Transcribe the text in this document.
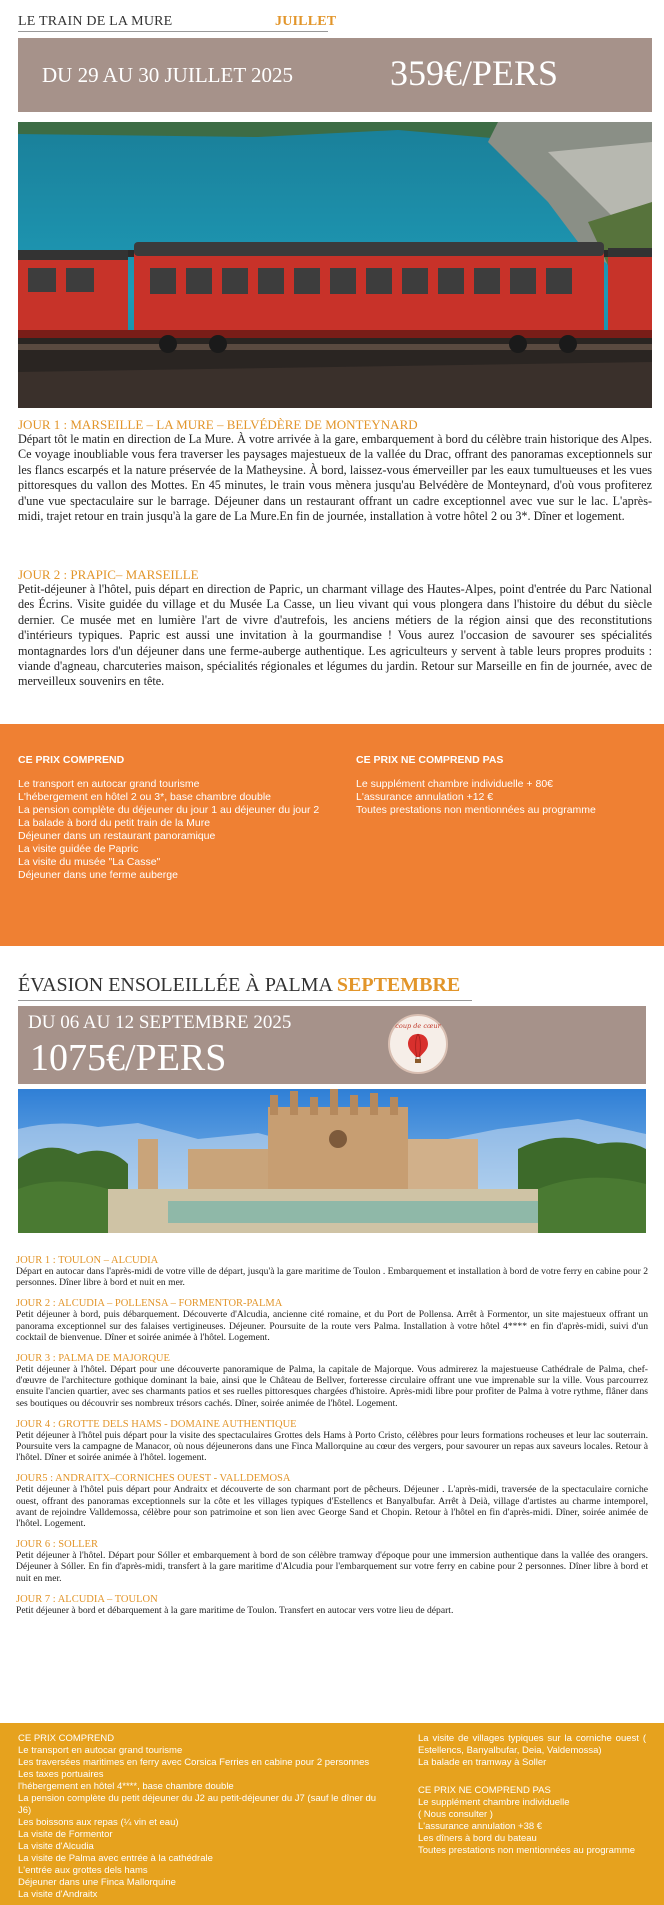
LE TRAIN DE LA MURE	JUILLET
DU 29 AU 30 JUILLET 2025	359€/PERS
JOUR 1 : MARSEILLE – LA MURE – BELVÉDÈRE DE MONTEYNARD
Départ tôt le matin en direction de La Mure. À votre arrivée à la gare, embarquement à bord du célèbre train historique des Alpes. Ce voyage inoubliable vous fera traverser les paysages majestueux de la vallée du Drac, offrant des panoramas exceptionnels sur les flancs escarpés et la nature préservée de la Matheysine. À bord, laissez-vous émerveiller par les eaux tumultueuses et les vues pittoresques du vallon des Mottes. En 45 minutes, le train vous mènera jusqu'au Belvédère de Monteynard, d'où vous profiterez d'une vue spectaculaire sur le barrage. Déjeuner dans un restaurant offrant un cadre exceptionnel avec vue sur le lac. L'après-midi, trajet retour en train jusqu'à la gare de La Mure.En fin de journée, installation à votre hôtel 2 ou 3*. Dîner et logement.
JOUR 2 : PRAPIC– MARSEILLE
Petit-déjeuner à l'hôtel, puis départ en direction de Papric, un charmant village des Hautes-Alpes, point d'entrée du Parc National des Écrins. Visite guidée du village et du Musée La Casse, un lieu vivant qui vous plongera dans l'histoire du début du siècle dernier. Ce musée met en lumière l'art de vivre d'autrefois, les anciens métiers de la région ainsi que des reconstitutions d'intérieurs typiques. Papric est aussi une invitation à la gourmandise ! Vous aurez l'occasion de savourer ses spécialités montagnardes lors d'un déjeuner dans une ferme-auberge authentique. Les agriculteurs y servent à table leurs propres produits : viande d'agneau, charcuteries maison, spécialités régionales et légumes du jardin. Retour sur Marseille en fin de journée, avec de merveilleux souvenirs en tête.
CE PRIX COMPREND
Le transport en autocar grand tourisme
L'hébergement en hôtel 2 ou 3*, base chambre double
La pension complète du déjeuner du jour 1 au déjeuner du jour 2
La balade à bord du petit train de la Mure
Déjeuner dans un restaurant panoramique
La visite guidée de Papric
La visite du musée "La Casse"
Déjeuner dans une ferme auberge
CE PRIX NE COMPREND PAS
Le supplément chambre individuelle + 80€
L'assurance annulation +12 €
Toutes prestations non mentionnées au programme
ÉVASION ENSOLEILLÉE À PALMA SEPTEMBRE
DU 06 AU 12 SEPTEMBRE 2025
1075€/PERS
coup de cœur
JOUR 1 : TOULON – ALCUDIA
Départ en autocar dans l'après-midi de votre ville de départ, jusqu'à la gare maritime de Toulon . Embarquement et installation à bord de votre ferry en cabine pour 2 personnes. Dîner libre à bord et nuit en mer.
JOUR 2 : ALCUDIA – POLLENSA – FORMENTOR-PALMA
Petit déjeuner à bord, puis débarquement. Découverte d'Alcudia, ancienne cité romaine, et du Port de Pollensa. Arrêt à Formentor, un site majestueux offrant un panorama exceptionnel sur des falaises vertigineuses. Déjeuner. Poursuite de la route vers Palma. Installation à votre hôtel 4**** en fin d'après-midi, suivi d'un cocktail de bienvenue. Dîner et soirée animée à l'hôtel. Logement.
JOUR 3 : PALMA DE MAJORQUE
Petit déjeuner à l'hôtel. Départ pour une découverte panoramique de Palma, la capitale de Majorque. Vous admirerez la majestueuse Cathédrale de Palma, chef-d'œuvre de l'architecture gothique dominant la baie, ainsi que le Château de Bellver, forteresse circulaire offrant une vue imprenable sur la ville. Vous parcourrez ensuite l'ancien quartier, avec ses charmants patios et ses ruelles pittoresques chargées d'histoire. Après-midi libre pour profiter de Palma à votre rythme, flâner dans ses boutiques ou découvrir ses nombreux trésors cachés. Dîner, soirée animée de l'hôtel. Logement.
JOUR 4 : GROTTE DELS HAMS - DOMAINE AUTHENTIQUE
Petit déjeuner à l'hôtel puis départ pour la visite des spectaculaires Grottes dels Hams à Porto Cristo, célèbres pour leurs formations rocheuses et leur lac souterrain. Poursuite vers la campagne de Manacor, où nous déjeunerons dans une Finca Mallorquine au cœur des vergers, pour savourer un repas aux saveurs locales. Retour à l'hôtel. Dîner et soirée animée à l'hôtel. logement.
JOUR5 : ANDRAITX–CORNICHES OUEST - VALLDEMOSA
Petit déjeuner à l'hôtel puis départ pour Andraitx et découverte de son charmant port de pêcheurs. Déjeuner . L'après-midi, traversée de la spectaculaire corniche ouest, offrant des panoramas exceptionnels sur la côte et les villages typiques d'Estellencs et Banyalbufar. Arrêt à Deià, village d'artistes au charme intemporel, avant de rejoindre Valldemossa, célèbre pour son patrimoine et son lien avec George Sand et Chopin. Retour à l'hôtel en fin d'après-midi. Dîner, soirée animée de l'hôtel. Logement.
JOUR 6 : SOLLER
Petit déjeuner à l'hôtel. Départ pour Sóller et embarquement à bord de son célèbre tramway d'époque pour une immersion authentique dans la vallée des orangers. Déjeuner à Sóller. En fin d'après-midi, transfert à la gare maritime d'Alcudia pour l'embarquement sur votre ferry en cabine pour 2 personnes. Dîner libre à bord et nuit en mer.
JOUR 7 : ALCUDIA – TOULON
Petit déjeuner à bord et débarquement à la gare maritime de Toulon. Transfert en autocar vers votre lieu de départ.
CE PRIX COMPREND
Le transport en autocar grand tourisme
Les traversées maritimes en ferry avec Corsica Ferries en cabine pour 2 personnes
Les taxes portuaires
l'hébergement en hôtel 4****, base chambre double
La pension complète du petit déjeuner du J2 au petit-déjeuner du J7 (sauf le dîner du J6)
Les boissons aux repas (¼ vin et eau)
La visite de Formentor
La visite d'Alcudia
La visite de Palma avec entrée à la cathédrale
L'entrée aux grottes dels hams
Déjeuner dans une Finca Mallorquine
La visite d'Andraitx
La visite de villages typiques sur la corniche ouest ( Estellencs, Banyalbufar, Deia, Valdemossa)
La balade en tramway à Soller
CE PRIX NE COMPREND PAS
Le supplément chambre individuelle
( Nous consulter )
L'assurance annulation +38 €
Les dîners à bord du bateau
Toutes prestations non mentionnées au programme
